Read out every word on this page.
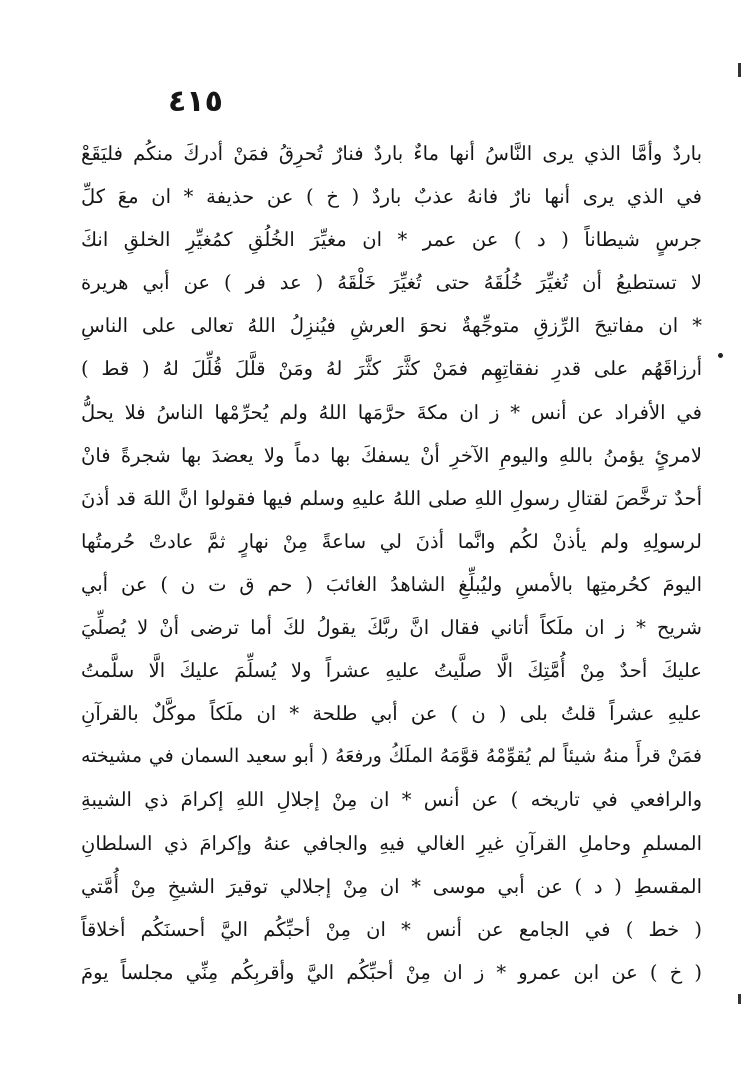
٤١٥
باردٌ وأمَّا الذي يرى النَّاسُ أنها ماءٌ باردٌ فنارٌ تُحرِقُ فمَنْ أدركَ منكُم فليَقَعْ
في الذي يرى أنها نارٌ فانهُ عذبٌ باردٌ ( خ ) عن حذيفة * ان معَ كلِّ
جرسٍ شيطاناً ( د ) عن عمر * ان مغيِّرَ الخُلُقِ كمُغيِّرِ الخلقِ انكَ
لا تستطيعُ أن تُغيِّرَ خُلُقَهُ حتى تُغيِّرَ خَلْقَهُ ( عد فر ) عن أبي هريرة
* ان مفاتيحَ الرِّزقِ متوجِّهةٌ نحوَ العرشِ فيُنزِلُ اللهُ تعالى على الناسِ
أرزاقَهُم على قدرِ نفقاتِهِم فمَنْ كثَّرَ كثَّرَ لهُ ومَنْ قلَّلَ قُلِّلَ لهُ ( قط )
في الأفراد عن أنس * ز ان مكةَ حرَّمَها اللهُ ولم يُحرِّمْها الناسُ فلا يحلُّ
لامرئٍ يؤمنُ باللهِ واليومِ الآخرِ أنْ يسفكَ بها دماً ولا يعضدَ بها شجرةً فانْ
أحدٌ ترخَّصَ لقتالِ رسولِ اللهِ صلى اللهُ عليهِ وسلم فيها فقولوا انَّ اللهَ قد أذنَ
لرسولِهِ ولم يأذنْ لكُم وانَّما أذنَ لي ساعةً مِنْ نهارٍ ثمَّ عادتْ حُرمتُها
اليومَ كحُرمتِها بالأمسِ وليُبلِّغِ الشاهدُ الغائبَ ( حم ق ت ن ) عن أبي
شريح * ز ان ملَكاً أتاني فقال انَّ ربَّكَ يقولُ لكَ أما ترضى أنْ لا يُصلِّيَ
عليكَ أحدٌ مِنْ أُمَّتِكَ الَّا صلَّيتُ عليهِ عشراً ولا يُسلِّمَ عليكَ الَّا سلَّمتُ
عليهِ عشراً قلتُ بلى ( ن ) عن أبي طلحة * ان ملَكاً موكَّلٌ بالقرآنِ
فمَنْ قرأَ منهُ شيئاً لم يُقوِّمْهُ قوَّمَهُ الملَكُ ورفعَهُ ( أبو سعيد السمان في مشيخته
والرافعي في تاريخه ) عن أنس * ان مِنْ إجلالِ اللهِ إكرامَ ذي الشيبةِ
المسلمِ وحاملِ القرآنِ غيرِ الغالي فيهِ والجافي عنهُ وإكرامَ ذي السلطانِ
المقسطِ ( د ) عن أبي موسى * ان مِنْ إجلالي توقيرَ الشيخِ مِنْ أُمَّتي
( خط ) في الجامع عن أنس * ان مِنْ أحبِّكُم اليَّ أحسنَكُم أخلاقاً
( خ ) عن ابن عمرو * ز ان مِنْ أحبِّكُم اليَّ وأقربِكُم مِنِّي مجلساً يومَ
